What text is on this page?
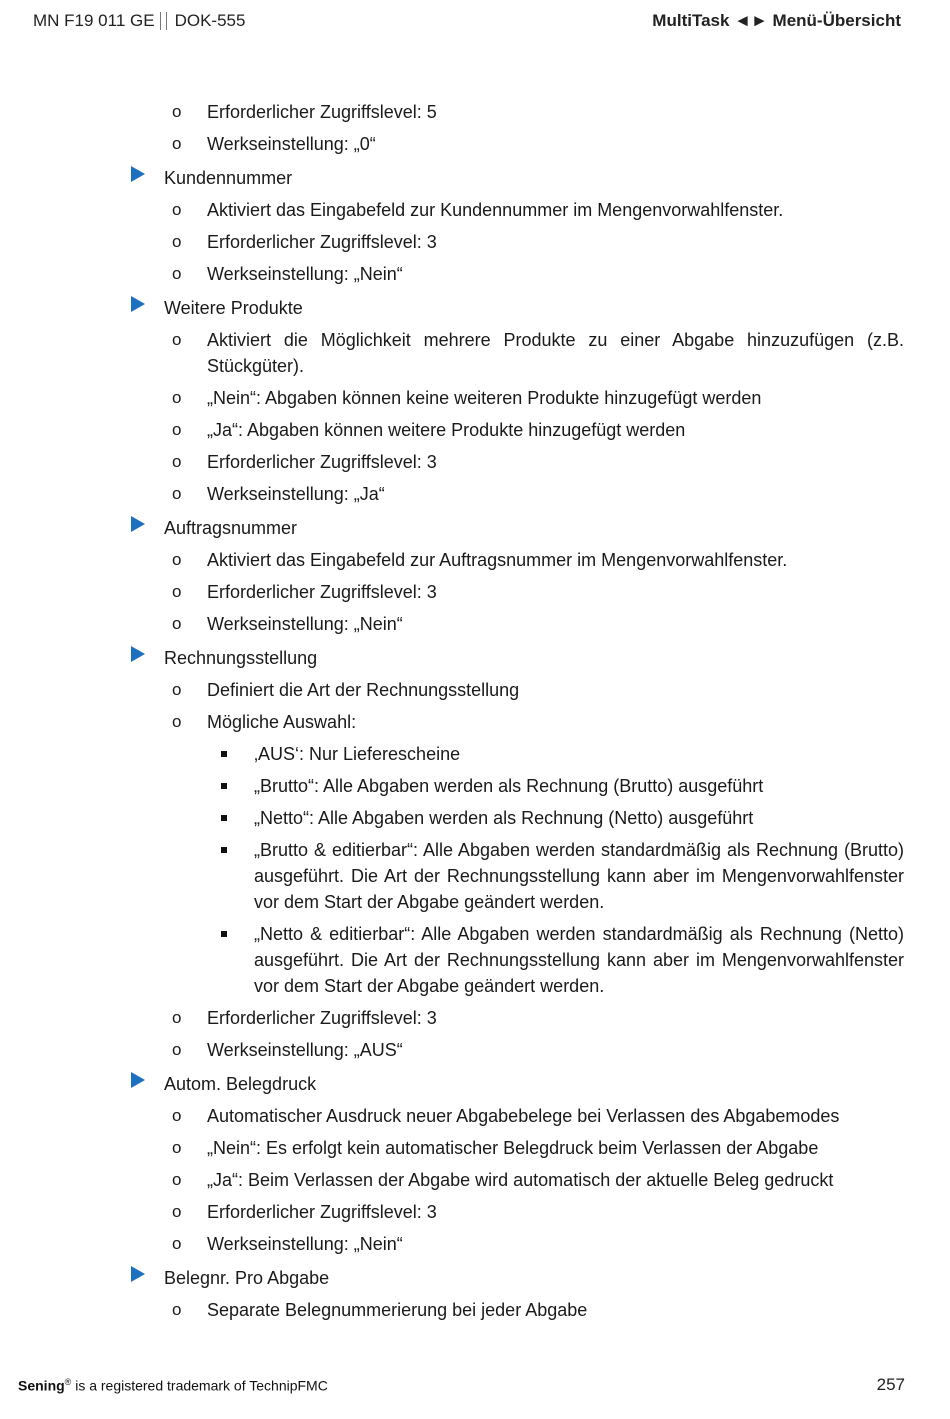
MN F19 011 GE DOK-555	MultiTask ◄► Menü-Übersicht
o Erforderlicher Zugriffslevel: 5
o Werkseinstellung: „0“
Kundennummer
o Aktiviert das Eingabefeld zur Kundennummer im Mengenvorwahlfenster.
o Erforderlicher Zugriffslevel: 3
o Werkseinstellung: „Nein“
Weitere Produkte
o Aktiviert die Möglichkeit mehrere Produkte zu einer Abgabe hinzuzufügen (z.B. Stückgüter).
o „Nein“: Abgaben können keine weiteren Produkte hinzugefügt werden
o „Ja“: Abgaben können weitere Produkte hinzugefügt werden
o Erforderlicher Zugriffslevel: 3
o Werkseinstellung: „Ja“
Auftragsnummer
o Aktiviert das Eingabefeld zur Auftragsnummer im Mengenvorwahlfenster.
o Erforderlicher Zugriffslevel: 3
o Werkseinstellung: „Nein“
Rechnungsstellung
o Definiert die Art der Rechnungsstellung
o Mögliche Auswahl:
‚AUS‘: Nur Lieferescheine
„Brutto“: Alle Abgaben werden als Rechnung (Brutto) ausgeführt
„Netto“: Alle Abgaben werden als Rechnung (Netto) ausgeführt
„Brutto & editierbar“: Alle Abgaben werden standardmäßig als Rechnung (Brutto) ausgeführt. Die Art der Rechnungsstellung kann aber im Mengenvorwahlfenster vor dem Start der Abgabe geändert werden.
„Netto & editierbar“: Alle Abgaben werden standardmäßig als Rechnung (Netto) ausgeführt. Die Art der Rechnungsstellung kann aber im Mengenvorwahlfenster vor dem Start der Abgabe geändert werden.
o Erforderlicher Zugriffslevel: 3
o Werkseinstellung: „AUS“
Autom. Belegdruck
o Automatischer Ausdruck neuer Abgabebelege bei Verlassen des Abgabemodes
o „Nein“: Es erfolgt kein automatischer Belegdruck beim Verlassen der Abgabe
o „Ja“: Beim Verlassen der Abgabe wird automatisch der aktuelle Beleg gedruckt
o Erforderlicher Zugriffslevel: 3
o Werkseinstellung: „Nein“
Belegnr. Pro Abgabe
o Separate Belegnummerierung bei jeder Abgabe
Sening® is a registered trademark of TechnipFMC	257
